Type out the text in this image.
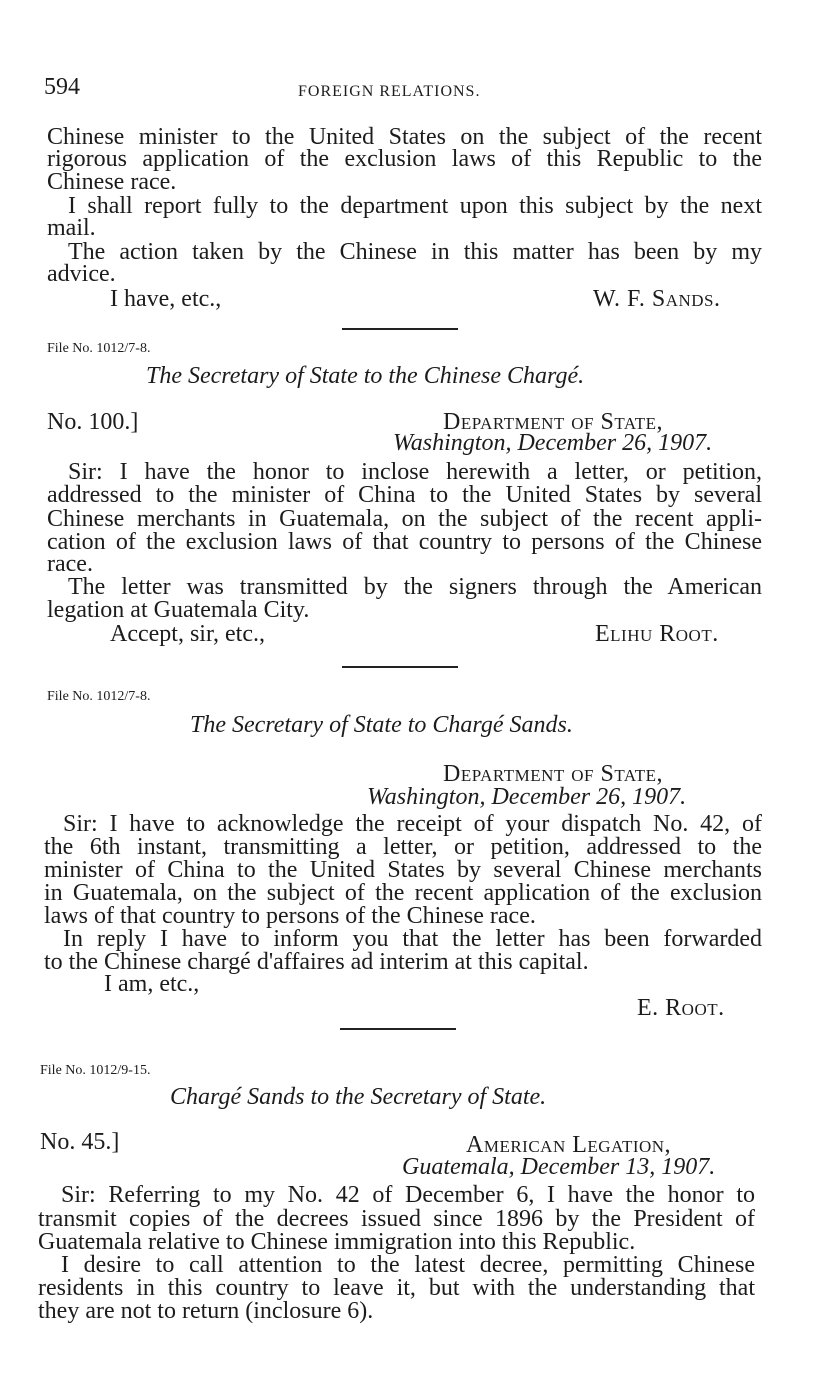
594	FOREIGN RELATIONS.
Chinese minister to the United States on the subject of the recent
rigorous application of the exclusion laws of this Republic to the
Chinese race.
I shall report fully to the department upon this subject by the next
mail.
The action taken by the Chinese in this matter has been by my
advice.
I have, etc.,	W. F. Sands.
File No. 1012/7-8.
The Secretary of State to the Chinese Chargé.
No. 100.]	Department of State,
Washington, December 26, 1907.
Sir: I have the honor to inclose herewith a letter, or petition,
addressed to the minister of China to the United States by several
Chinese merchants in Guatemala, on the subject of the recent appli-
cation of the exclusion laws of that country to persons of the Chinese
race.
The letter was transmitted by the signers through the American
legation at Guatemala City.
Accept, sir, etc.,	Elihu Root.
File No. 1012/7-8.
The Secretary of State to Chargé Sands.
Department of State,
Washington, December 26, 1907.
Sir: I have to acknowledge the receipt of your dispatch No. 42, of
the 6th instant, transmitting a letter, or petition, addressed to the
minister of China to the United States by several Chinese merchants
in Guatemala, on the subject of the recent application of the exclusion
laws of that country to persons of the Chinese race.
In reply I have to inform you that the letter has been forwarded
to the Chinese chargé d'affaires ad interim at this capital.
I am, etc.,
E. Root.
File No. 1012/9-15.
Chargé Sands to the Secretary of State.
No. 45.]	American Legation,
Guatemala, December 13, 1907.
Sir: Referring to my No. 42 of December 6, I have the honor to
transmit copies of the decrees issued since 1896 by the President of
Guatemala relative to Chinese immigration into this Republic.
I desire to call attention to the latest decree, permitting Chinese
residents in this country to leave it, but with the understanding that
they are not to return (inclosure 6).
